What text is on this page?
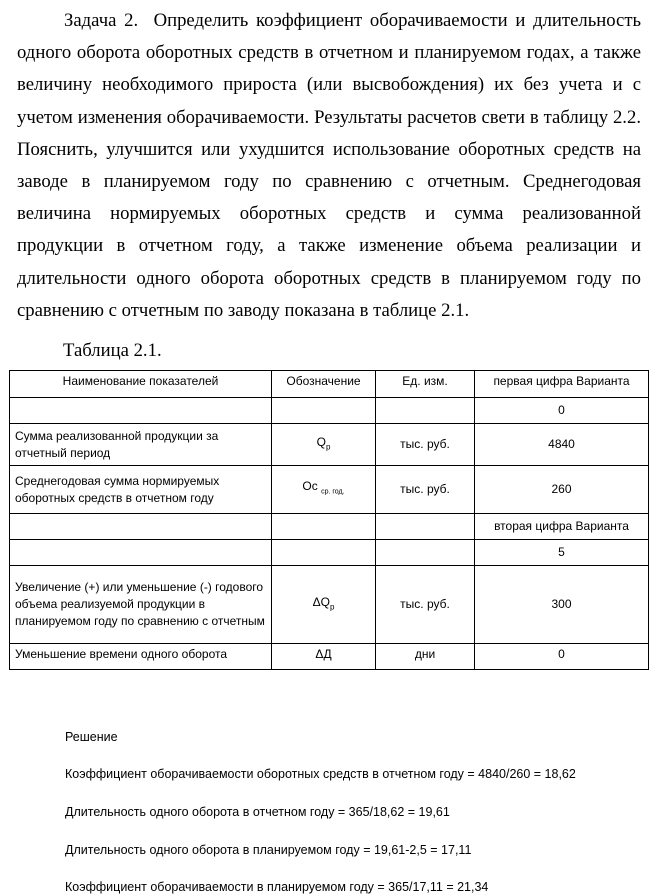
Задача 2. Определить коэффициент оборачиваемости и длительность одного оборота оборотных средств в отчетном и планируемом годах, а также величину необходимого прироста (или высвобождения) их без учета и с учетом изменения оборачиваемости. Результаты расчетов свети в таблицу 2.2. Пояснить, улучшится или ухудшится использование оборотных средств на заводе в планируемом году по сравнению с отчетным. Среднегодовая величина нормируемых оборотных средств и сумма реализованной продукции в отчетном году, а также изменение объема реализации и длительности одного оборота оборотных средств в планируемом году по сравнению с отчетным по заводу показана в таблице 2.1.

Таблица 2.1.

Наименование показателей	Обозначение	Ед. изм.	первая цифра Варианта
			0
Сумма реализованной продукции за отчетный период	$Q_р$	тыс. руб.	4840
Среднегодовая сумма нормируемых оборотных средств в отчетном году	Ос $_{ср. год.}$	тыс. руб.	260
			вторая цифра Варианта
			5
Увеличение (+) или уменьшение (-) годового объема реализуемой продукции в планируемом году по сравнению с отчетным	$\Delta Q_р$	тыс. руб.	300
Уменьшение времени одного оборота	ΔД	дни	0

Решение

Коэффициент оборачиваемости оборотных средств в отчетном году = 4840/260 = 18,62

Длительность одного оборота в отчетном году = 365/18,62 = 19,61

Длительность одного оборота в планируемом году = 19,61-2,5 = 17,11

Коэффициент оборачиваемости в планируемом году = 365/17,11 = 21,34
